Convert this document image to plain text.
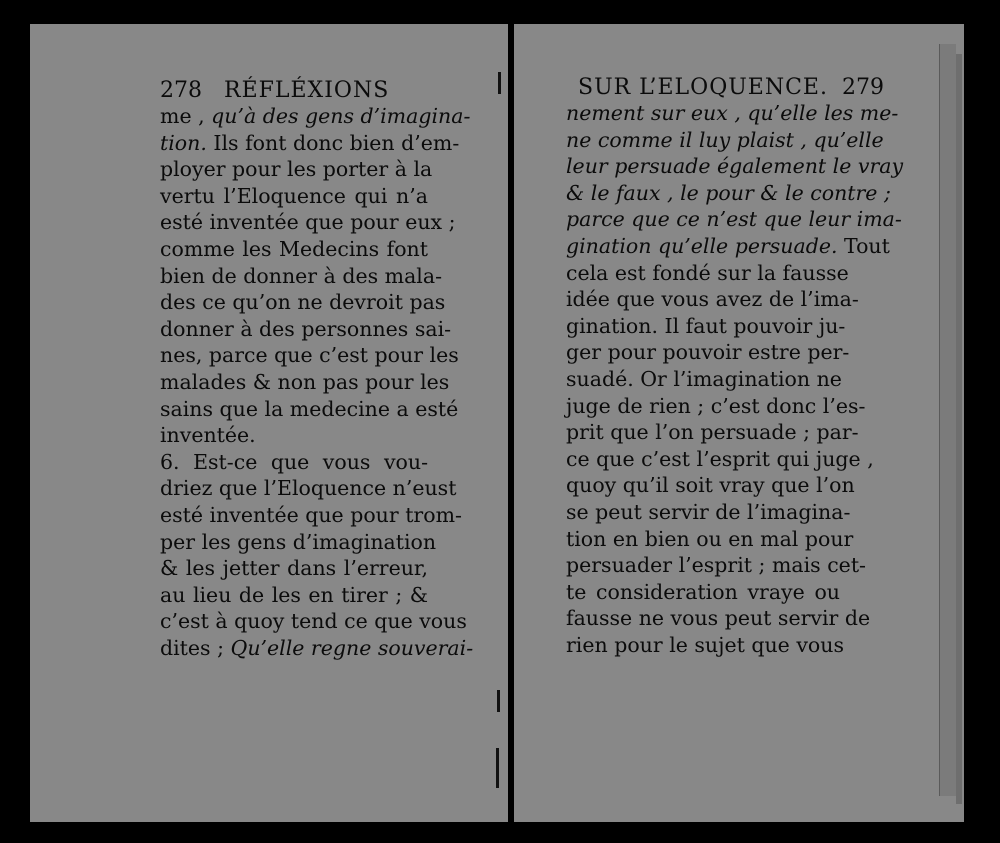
278 RÉFLÉXIONS
me , qu’à des gens d’imagina-
tion. Ils font donc bien d’em-
ployer pour les porter à la
vertu l’Eloquence qui n’a
esté inventée que pour eux ;
comme les Medecins font
bien de donner à des mala-
des ce qu’on ne devroit pas
donner à des personnes sai-
nes, parce que c’est pour les
malades & non pas pour les
sains que la medecine a esté
inventée.
6. Est-ce que vous vou-
driez que l’Eloquence n’eust
esté inventée que pour trom-
per les gens d’imagination
& les jetter dans l’erreur,
au lieu de les en tirer ; &
c’est à quoy tend ce que vous
dites ; Qu’elle regne souverai-
SUR L’ELOQUENCE. 279
nement sur eux , qu’elle les me-
ne comme il luy plaist , qu’elle
leur persuade également le vray
& le faux , le pour & le contre ;
parce que ce n’est que leur ima-
gination qu’elle persuade. Tout
cela est fondé sur la fausse
idée que vous avez de l’ima-
gination. Il faut pouvoir ju-
ger pour pouvoir estre per-
suadé. Or l’imagination ne
juge de rien ; c’est donc l’es-
prit que l’on persuade ; par-
ce que c’est l’esprit qui juge ,
quoy qu’il soit vray que l’on
se peut servir de l’imagina-
tion en bien ou en mal pour
persuader l’esprit ; mais cet-
te consideration vraye ou
fausse ne vous peut servir de
rien pour le sujet que vous
